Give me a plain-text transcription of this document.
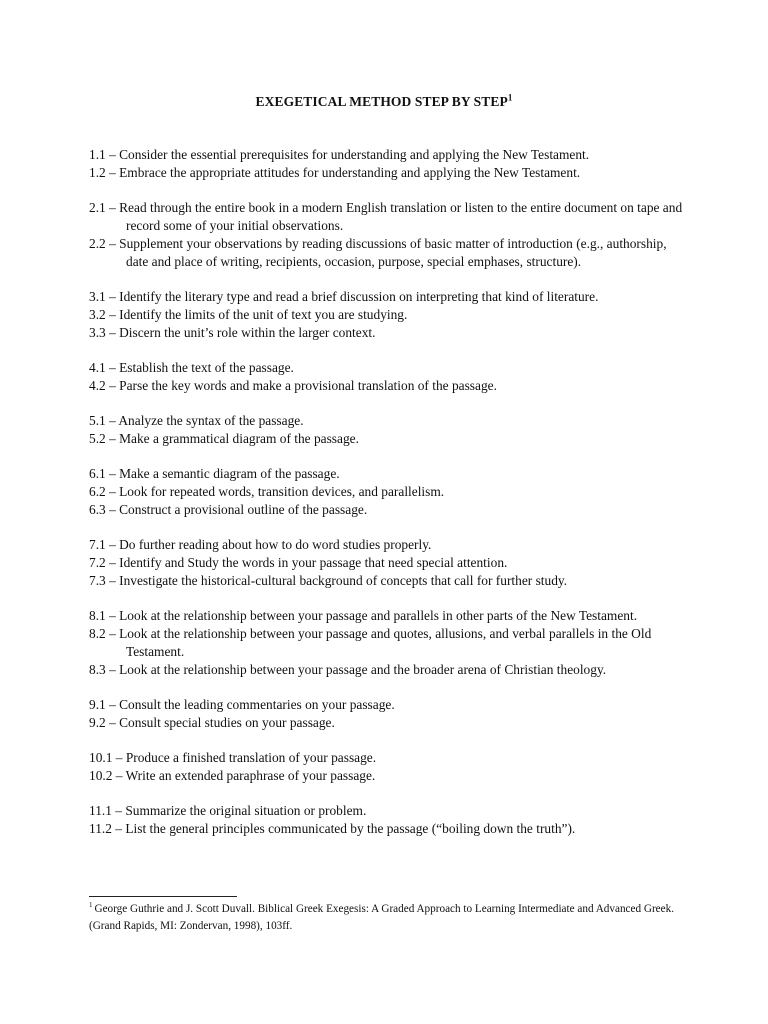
EXEGETICAL METHOD STEP BY STEP$^1$
1.1 – Consider the essential prerequisites for understanding and applying the New Testament.
1.2 – Embrace the appropriate attitudes for understanding and applying the New Testament.
2.1 – Read through the entire book in a modern English translation or listen to the entire document on tape and record some of your initial observations.
2.2 – Supplement your observations by reading discussions of basic matter of introduction (e.g., authorship, date and place of writing, recipients, occasion, purpose, special emphases, structure).
3.1 – Identify the literary type and read a brief discussion on interpreting that kind of literature.
3.2 – Identify the limits of the unit of text you are studying.
3.3 – Discern the unit’s role within the larger context.
4.1 – Establish the text of the passage.
4.2 – Parse the key words and make a provisional translation of the passage.
5.1 – Analyze the syntax of the passage.
5.2 – Make a grammatical diagram of the passage.
6.1 – Make a semantic diagram of the passage.
6.2 – Look for repeated words, transition devices, and parallelism.
6.3 – Construct a provisional outline of the passage.
7.1 – Do further reading about how to do word studies properly.
7.2 – Identify and Study the words in your passage that need special attention.
7.3 – Investigate the historical-cultural background of concepts that call for further study.
8.1 – Look at the relationship between your passage and parallels in other parts of the New Testament.
8.2 – Look at the relationship between your passage and quotes, allusions, and verbal parallels in the Old Testament.
8.3 – Look at the relationship between your passage and the broader arena of Christian theology.
9.1 – Consult the leading commentaries on your passage.
9.2 – Consult special studies on your passage.
10.1 – Produce a finished translation of your passage.
10.2 – Write an extended paraphrase of your passage.
11.1 – Summarize the original situation or problem.
11.2 – List the general principles communicated by the passage (“boiling down the truth”).
$^1$ George Guthrie and J. Scott Duvall. Biblical Greek Exegesis: A Graded Approach to Learning Intermediate and Advanced Greek. (Grand Rapids, MI: Zondervan, 1998), 103ff.
